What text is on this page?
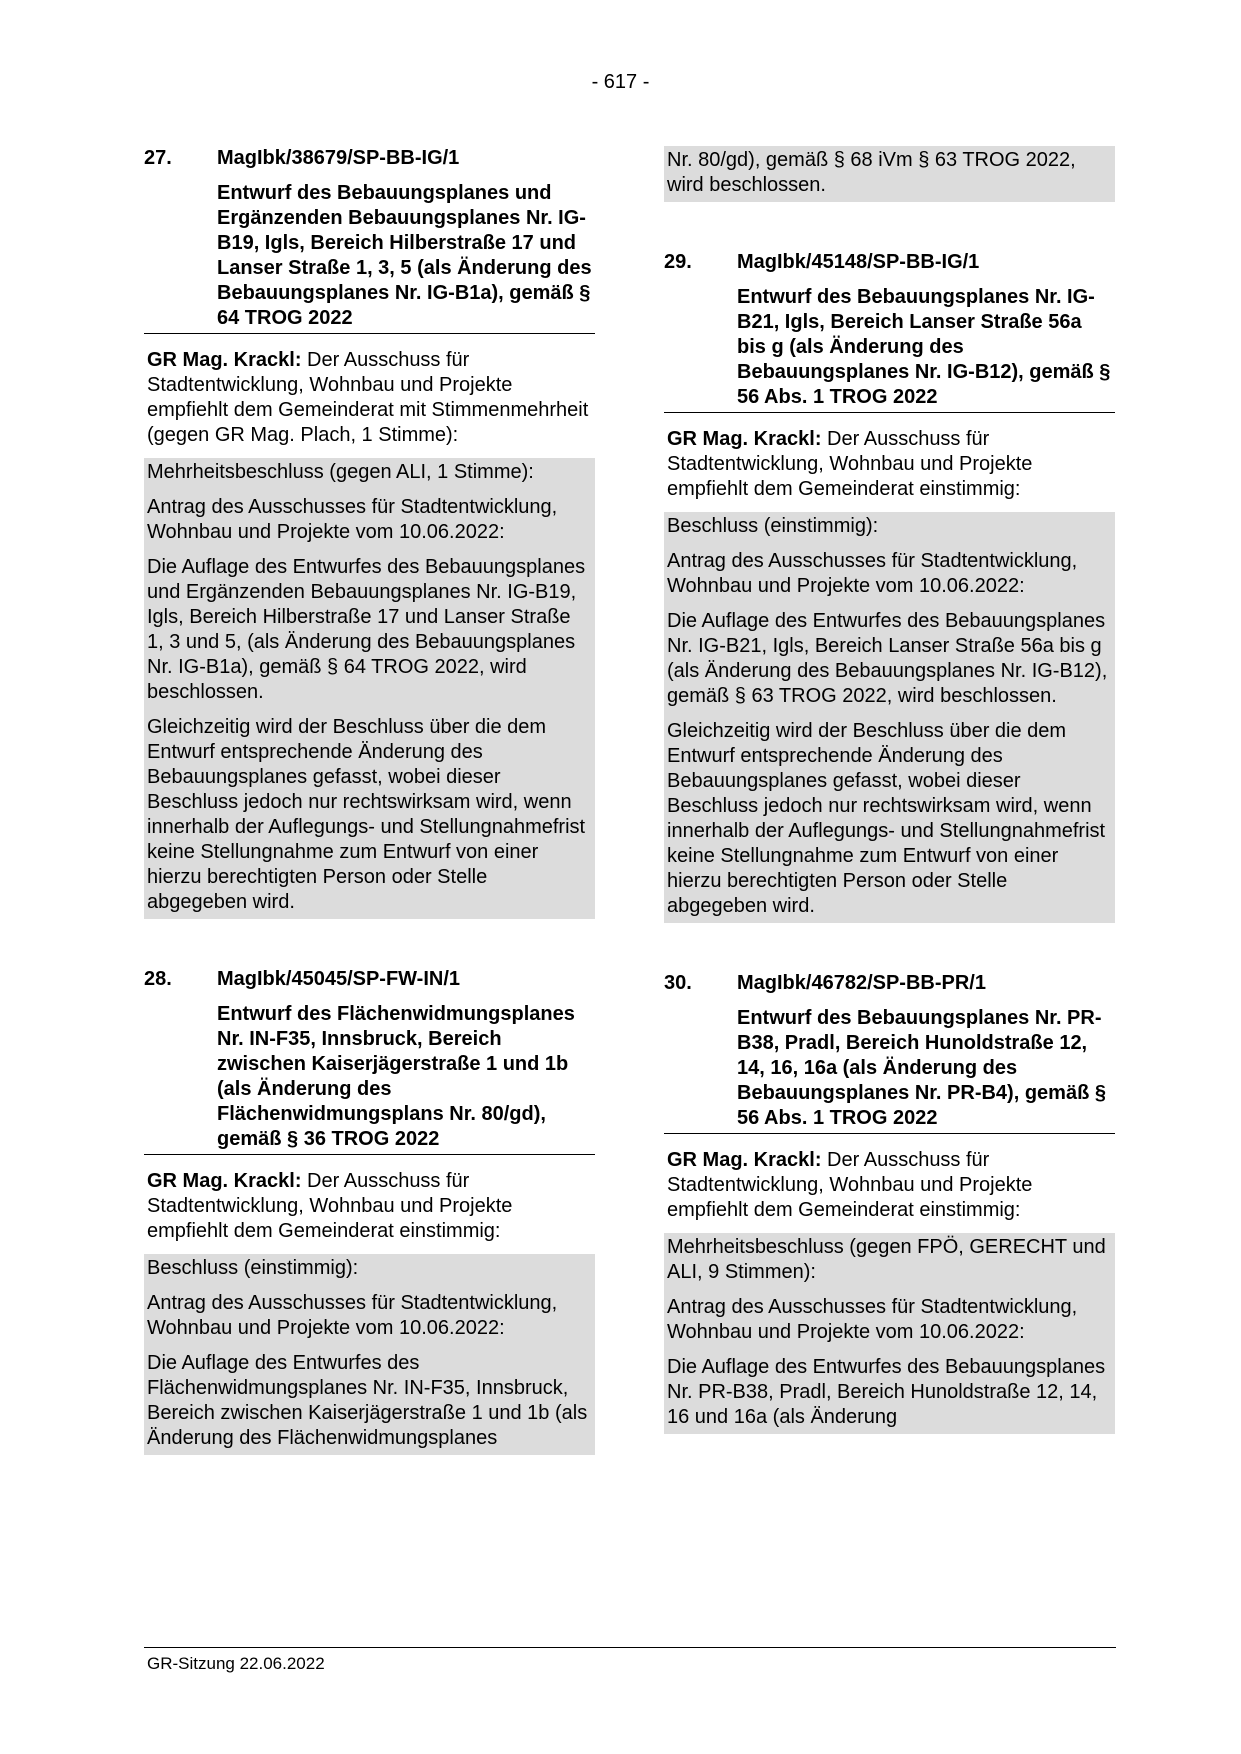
- 617 -
27.	MagIbk/38679/SP-BB-IG/1
Entwurf des Bebauungsplanes und Ergänzenden Bebauungsplanes Nr. IG-B19, Igls, Bereich Hilberstraße 17 und Lanser Straße 1, 3, 5 (als Änderung des Bebauungsplanes Nr. IG-B1a), gemäß § 64 TROG 2022
GR Mag. Krackl: Der Ausschuss für Stadtentwicklung, Wohnbau und Projekte empfiehlt dem Gemeinderat mit Stimmenmehrheit (gegen GR Mag. Plach, 1 Stimme):

Mehrheitsbeschluss (gegen ALI, 1 Stimme):

Antrag des Ausschusses für Stadtentwicklung, Wohnbau und Projekte vom 10.06.2022:

Die Auflage des Entwurfes des Bebauungsplanes und Ergänzenden Bebauungsplanes Nr. IG-B19, Igls, Bereich Hilberstraße 17 und Lanser Straße 1, 3 und 5, (als Änderung des Bebauungsplanes Nr. IG-B1a), gemäß § 64 TROG 2022, wird beschlossen.

Gleichzeitig wird der Beschluss über die dem Entwurf entsprechende Änderung des Bebauungsplanes gefasst, wobei dieser Beschluss jedoch nur rechtswirksam wird, wenn innerhalb der Auflegungs- und Stellungnahmefrist keine Stellungnahme zum Entwurf von einer hierzu berechtigten Person oder Stelle abgegeben wird.

28.	MagIbk/45045/SP-FW-IN/1
Entwurf des Flächenwidmungsplanes Nr. IN-F35, Innsbruck, Bereich zwischen Kaiserjägerstraße 1 und 1b (als Änderung des Flächenwidmungsplans Nr. 80/gd), gemäß § 36 TROG 2022
GR Mag. Krackl: Der Ausschuss für Stadtentwicklung, Wohnbau und Projekte empfiehlt dem Gemeinderat einstimmig:

Beschluss (einstimmig):

Antrag des Ausschusses für Stadtentwicklung, Wohnbau und Projekte vom 10.06.2022:

Die Auflage des Entwurfes des Flächenwidmungsplanes Nr. IN-F35, Innsbruck, Bereich zwischen Kaiserjägerstraße 1 und 1b (als Änderung des Flächenwidmungsplanes

Nr. 80/gd), gemäß § 68 iVm § 63 TROG 2022, wird beschlossen.

29.	MagIbk/45148/SP-BB-IG/1
Entwurf des Bebauungsplanes Nr. IG-B21, Igls, Bereich Lanser Straße 56a bis g (als Änderung des Bebauungsplanes Nr. IG-B12), gemäß § 56 Abs. 1 TROG 2022
GR Mag. Krackl: Der Ausschuss für Stadtentwicklung, Wohnbau und Projekte empfiehlt dem Gemeinderat einstimmig:

Beschluss (einstimmig):

Antrag des Ausschusses für Stadtentwicklung, Wohnbau und Projekte vom 10.06.2022:

Die Auflage des Entwurfes des Bebauungsplanes Nr. IG-B21, Igls, Bereich Lanser Straße 56a bis g (als Änderung des Bebauungsplanes Nr. IG-B12), gemäß § 63 TROG 2022, wird beschlossen.

Gleichzeitig wird der Beschluss über die dem Entwurf entsprechende Änderung des Bebauungsplanes gefasst, wobei dieser Beschluss jedoch nur rechtswirksam wird, wenn innerhalb der Auflegungs- und Stellungnahmefrist keine Stellungnahme zum Entwurf von einer hierzu berechtigten Person oder Stelle abgegeben wird.

30.	MagIbk/46782/SP-BB-PR/1
Entwurf des Bebauungsplanes Nr. PR-B38, Pradl, Bereich Hunoldstraße 12, 14, 16, 16a (als Änderung des Bebauungsplanes Nr. PR-B4), gemäß § 56 Abs. 1 TROG 2022
GR Mag. Krackl: Der Ausschuss für Stadtentwicklung, Wohnbau und Projekte empfiehlt dem Gemeinderat einstimmig:

Mehrheitsbeschluss (gegen FPÖ, GERECHT und ALI, 9 Stimmen):

Antrag des Ausschusses für Stadtentwicklung, Wohnbau und Projekte vom 10.06.2022:

Die Auflage des Entwurfes des Bebauungsplanes Nr. PR-B38, Pradl, Bereich Hunoldstraße 12, 14, 16 und 16a (als Änderung

GR-Sitzung 22.06.2022
